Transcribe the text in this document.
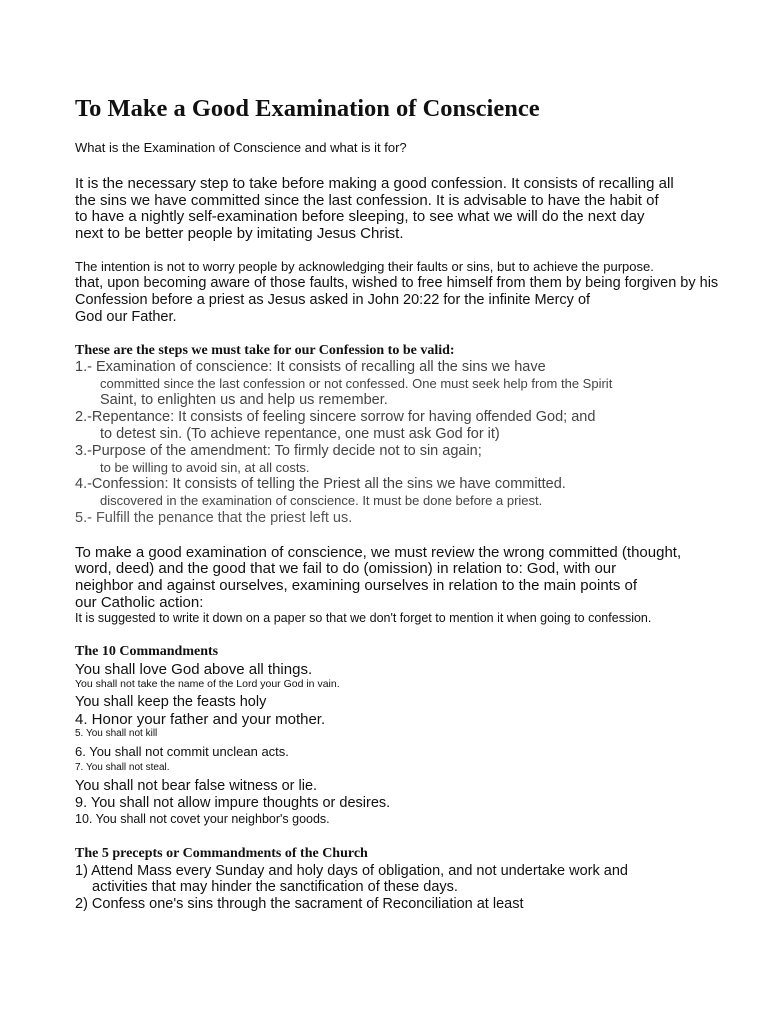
To Make a Good Examination of Conscience
What is the Examination of Conscience and what is it for?
It is the necessary step to take before making a good confession. It consists of recalling all
the sins we have committed since the last confession. It is advisable to have the habit of
to have a nightly self-examination before sleeping, to see what we will do the next day
next to be better people by imitating Jesus Christ.
The intention is not to worry people by acknowledging their faults or sins, but to achieve the purpose.
that, upon becoming aware of those faults, wished to free himself from them by being forgiven by his
Confession before a priest as Jesus asked in John 20:22 for the infinite Mercy of
God our Father.
These are the steps we must take for our Confession to be valid:
1.- Examination of conscience: It consists of recalling all the sins we have
committed since the last confession or not confessed. One must seek help from the Spirit
Saint, to enlighten us and help us remember.
2.-Repentance: It consists of feeling sincere sorrow for having offended God; and
to detest sin. (To achieve repentance, one must ask God for it)
3.-Purpose of the amendment: To firmly decide not to sin again;
to be willing to avoid sin, at all costs.
4.-Confession: It consists of telling the Priest all the sins we have committed.
discovered in the examination of conscience. It must be done before a priest.
5.- Fulfill the penance that the priest left us.
To make a good examination of conscience, we must review the wrong committed (thought,
word, deed) and the good that we fail to do (omission) in relation to: God, with our
neighbor and against ourselves, examining ourselves in relation to the main points of
our Catholic action:
It is suggested to write it down on a paper so that we don't forget to mention it when going to confession.
The 10 Commandments
You shall love God above all things.
You shall not take the name of the Lord your God in vain.
You shall keep the feasts holy
4. Honor your father and your mother.
5. You shall not kill
6. You shall not commit unclean acts.
7. You shall not steal.
You shall not bear false witness or lie.
9. You shall not allow impure thoughts or desires.
10. You shall not covet your neighbor's goods.
The 5 precepts or Commandments of the Church
1) Attend Mass every Sunday and holy days of obligation, and not undertake work and
activities that may hinder the sanctification of these days.
2) Confess one's sins through the sacrament of Reconciliation at least
